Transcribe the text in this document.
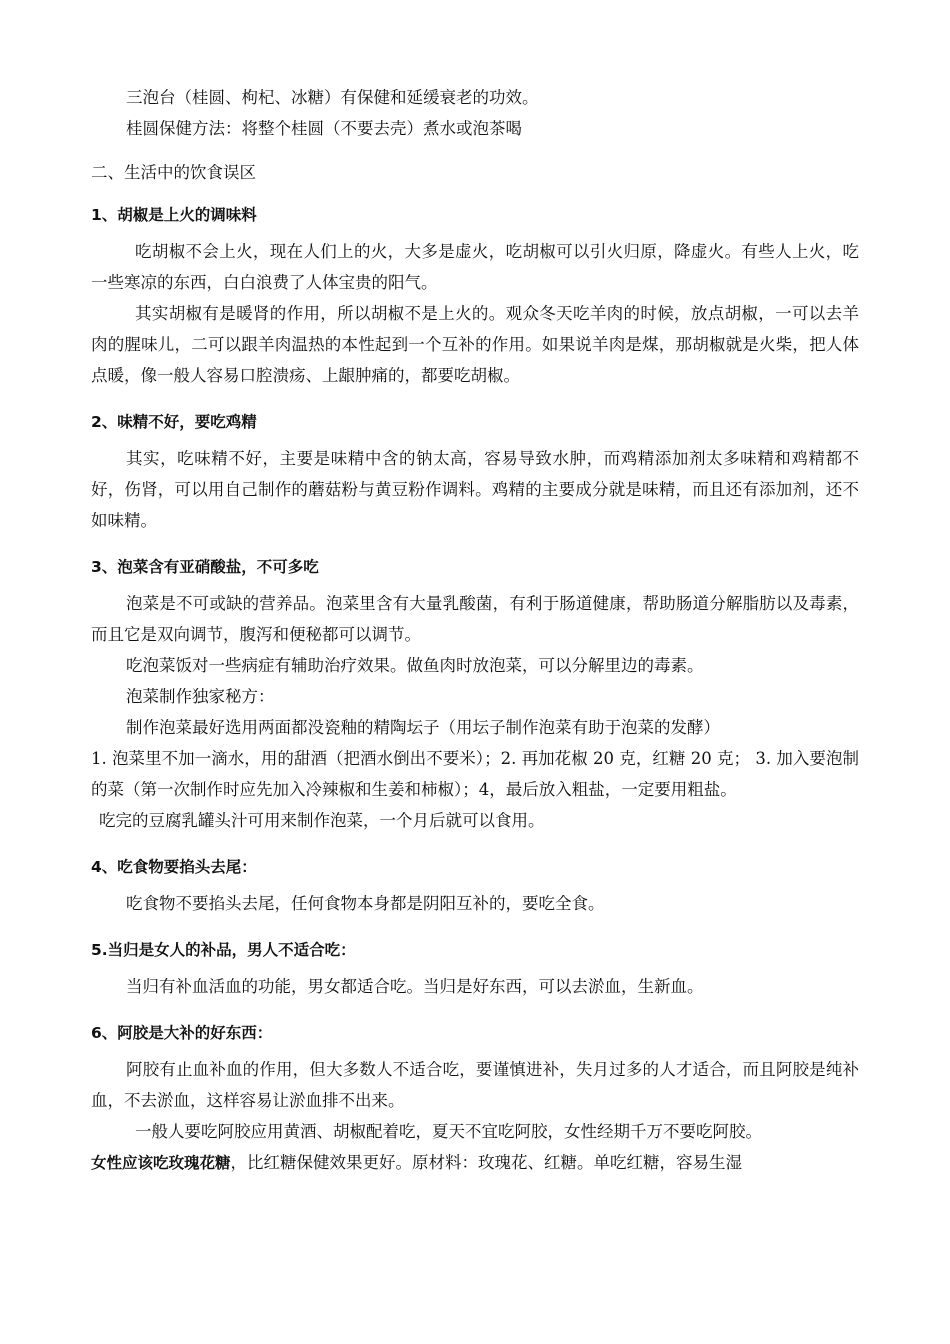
三泡台（桂圆、枸杞、冰糖）有保健和延缓衰老的功效。

桂圆保健方法：将整个桂圆（不要去壳）煮水或泡茶喝

二、生活中的饮食误区

1、胡椒是上火的调味料

吃胡椒不会上火，现在人们上的火，大多是虚火，吃胡椒可以引火归原，降虚火。有些人上火，吃一些寒凉的东西，白白浪费了人体宝贵的阳气。

其实胡椒有是暖肾的作用，所以胡椒不是上火的。观众冬天吃羊肉的时候，放点胡椒，一可以去羊肉的腥味儿，二可以跟羊肉温热的本性起到一个互补的作用。如果说羊肉是煤，那胡椒就是火柴，把人体点暖，像一般人容易口腔溃疡、上龈肿痛的，都要吃胡椒。

2、味精不好，要吃鸡精

其实，吃味精不好，主要是味精中含的钠太高，容易导致水肿，而鸡精添加剂太多味精和鸡精都不好，伤肾，可以用自己制作的蘑菇粉与黄豆粉作调料。鸡精的主要成分就是味精，而且还有添加剂，还不如味精。

3、泡菜含有亚硝酸盐，不可多吃

泡菜是不可或缺的营养品。泡菜里含有大量乳酸菌，有利于肠道健康，帮助肠道分解脂肪以及毒素，而且它是双向调节，腹泻和便秘都可以调节。

吃泡菜饭对一些病症有辅助治疗效果。做鱼肉时放泡菜，可以分解里边的毒素。

泡菜制作独家秘方：

制作泡菜最好选用两面都没瓷釉的精陶坛子（用坛子制作泡菜有助于泡菜的发酵）

1. 泡菜里不加一滴水，用的甜酒（把酒水倒出不要米）；2. 再加花椒 20 克，红糖 20 克； 3. 加入要泡制的菜（第一次制作时应先加入冷辣椒和生姜和柿椒）；4，最后放入粗盐，一定要用粗盐。

吃完的豆腐乳罐头汁可用来制作泡菜，一个月后就可以食用。

4、吃食物要掐头去尾：

吃食物不要掐头去尾，任何食物本身都是阴阳互补的，要吃全食。

5.当归是女人的补品，男人不适合吃：

当归有补血活血的功能，男女都适合吃。当归是好东西，可以去淤血，生新血。

6、阿胶是大补的好东西：

阿胶有止血补血的作用，但大多数人不适合吃，要谨慎进补，失月过多的人才适合，而且阿胶是纯补血，不去淤血，这样容易让淤血排不出来。

一般人要吃阿胶应用黄酒、胡椒配着吃，夏天不宜吃阿胶，女性经期千万不要吃阿胶。

女性应该吃玫瑰花糖，比红糖保健效果更好。原材料：玫瑰花、红糖。单吃红糖，容易生湿
